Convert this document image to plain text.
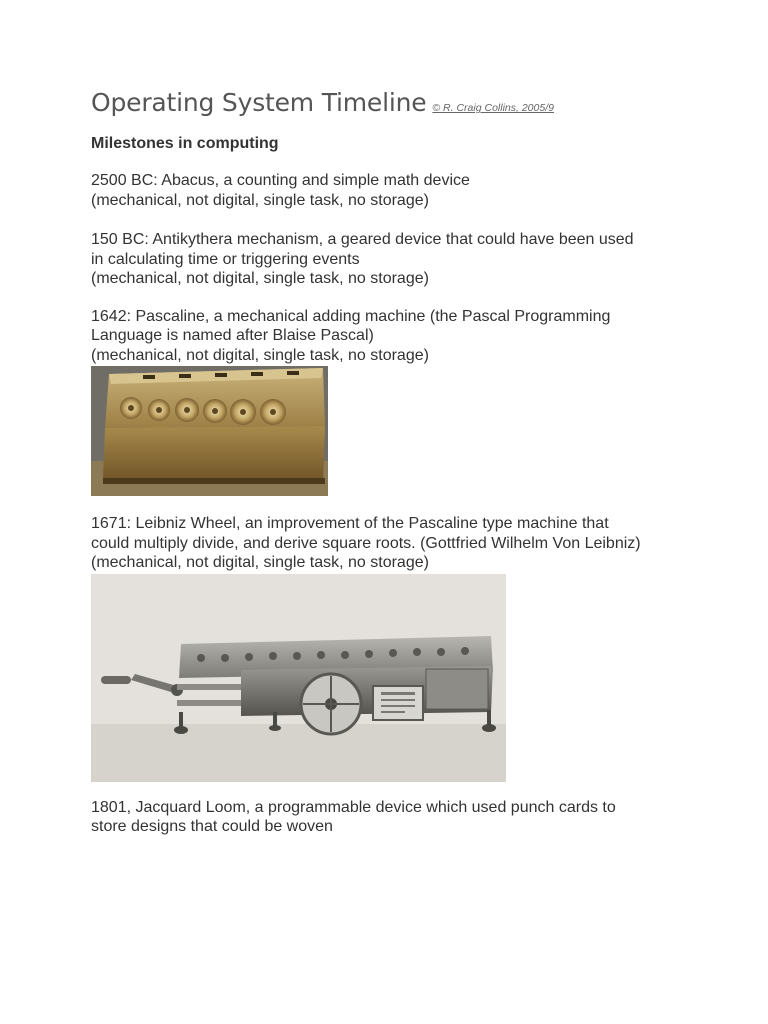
Operating System Timeline © R. Craig Collins, 2005/9
Milestones in computing

2500 BC: Abacus, a counting and simple math device

(mechanical, not digital, single task, no storage)

150 BC: Antikythera mechanism, a geared device that could have been used

in calculating time or triggering events

(mechanical, not digital, single task, no storage)

1642: Pascaline, a mechanical adding machine (the Pascal Programming

Language is named after Blaise Pascal)

(mechanical, not digital, single task, no storage)

1671: Leibniz Wheel, an improvement of the Pascaline type machine that

could multiply divide, and derive square roots. (Gottfried Wilhelm Von Leibniz)

(mechanical, not digital, single task, no storage)

1801, Jacquard Loom, a programmable device which used punch cards to

store designs that could be woven
